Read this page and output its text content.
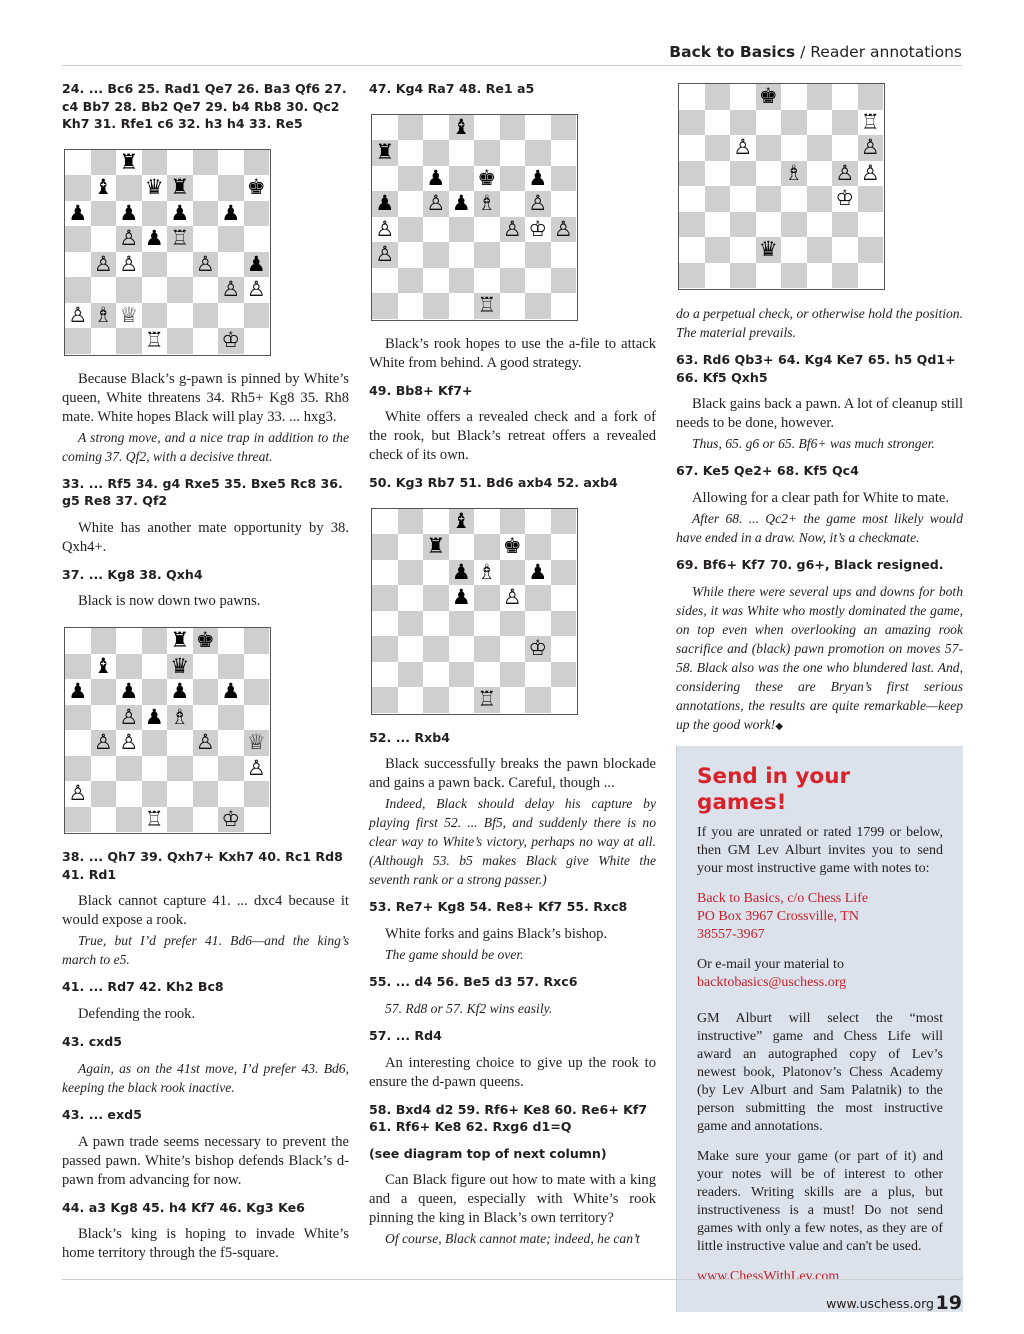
Back to Basics / Reader annotations
24. ... Bc6 25. Rad1 Qe7 26. Ba3 Qf6 27. c4 Bb7 28. Bb2 Qe7 29. b4 Rb8 30. Qc2 Kh7 31. Rfe1 c6 32. h3 h4 33. Re5
♜
♝ ♛ ♜	♚
♟ ♟ ♟ ♟
♙ ♟ ♖
♙ ♙	♙ ♟
♙ ♙
♙ ♗ ♕
♖	♔

Because Black’s g-pawn is pinned by White’s queen, White threatens 34. Rh5+ Kg8 35. Rh8 mate. White hopes Black will play 33. ... hxg3.

A strong move, and a nice trap in addition to the coming 37. Qf2, with a decisive threat.

33. ... Rf5 34. g4 Rxe5 35. Bxe5 Rc8 36. g5 Re8 37. Qf2

White has another mate opportunity by 38. Qxh4+.

37. ... Kg8 38. Qxh4

Black is now down two pawns.

♜ ♚
♝	♛
♟ ♟ ♟ ♟
♙ ♟ ♗
♙ ♙	♙ ♕
♙
♙
♖	♔
38. ... Qh7 39. Qxh7+ Kxh7 40. Rc1 Rd8 41. Rd1

Black cannot capture 41. ... dxc4 because it would expose a rook.

True, but I’d prefer 41. Bd6—and the king’s march to e5.

41. ... Rd7 42. Kh2 Bc8

Defending the rook.

43. cxd5

Again, as on the 41st move, I’d prefer 43. Bd6, keeping the black rook inactive.

43. ... exd5

A pawn trade seems necessary to prevent the passed pawn. White’s bishop defends Black’s d-pawn from advancing for now.

44. a3 Kg8 45. h4 Kf7 46. Kg3 Ke6

Black’s king is hoping to invade White’s home territory through the f5-square.

47. Kg4 Ra7 48. Re1 a5
♝
♜
♟ ♚ ♟
♟ ♙ ♟ ♗ ♙
♙	♙ ♔ ♙
♙
♖

Black’s rook hopes to use the a-file to attack White from behind. A good strategy.

49. Bb8+ Kf7+

White offers a revealed check and a fork of the rook, but Black’s retreat offers a revealed check of its own.

50. Kg3 Rb7 51. Bd6 axb4 52. axb4
♝
♜	♚
♟ ♗ ♟
♟ ♙
♔
♖
52. ... Rxb4

Black successfully breaks the pawn blockade and gains a pawn back. Careful, though ...

Indeed, Black should delay his capture by playing first 52. ... Bf5, and suddenly there is no clear way to White’s victory, perhaps no way at all. (Although 53. b5 makes Black give White the seventh rank or a strong passer.)

53. Re7+ Kg8 54. Re8+ Kf7 55. Rxc8

White forks and gains Black’s bishop.

The game should be over.

55. ... d4 56. Be5 d3 57. Rxc6

57. Rd8 or 57. Kf2 wins easily.

57. ... Rd4

An interesting choice to give up the rook to ensure the d-pawn queens.

58. Bxd4 d2 59. Rf6+ Ke8 60. Re6+ Kf7 61. Rf6+ Ke8 62. Rxg6 d1=Q
(see diagram top of next column)

Can Black figure out how to mate with a king and a queen, especially with White’s rook pinning the king in Black’s own territory?

Of course, Black cannot mate; indeed, he can’t

♚
♖
♙	♙
♗ ♙ ♙
♔
♛

do a perpetual check, or otherwise hold the position. The material prevails.

63. Rd6 Qb3+ 64. Kg4 Ke7 65. h5 Qd1+ 66. Kf5 Qxh5

Black gains back a pawn. A lot of cleanup still needs to be done, however.

Thus, 65. g6 or 65. Bf6+ was much stronger.

67. Ke5 Qe2+ 68. Kf5 Qc4

Allowing for a clear path for White to mate.

After 68. ... Qc2+ the game most likely would have ended in a draw. Now, it’s a checkmate.

69. Bf6+ Kf7 70. g6+, Black resigned.

While there were several ups and downs for both sides, it was White who mostly dominated the game, on top even when overlooking an amazing rook sacrifice and (black) pawn promotion on moves 57-58. Black also was the one who blundered last. And, considering these are Bryan’s first serious annotations, the results are quite remarkable—keep up the good work!◆

Send in your games!

If you are unrated or rated 1799 or below, then GM Lev Alburt invites you to send your most instructive game with notes to:

Back to Basics, c/o Chess Life
PO Box 3967 Crossville, TN
38557-3967

Or e-mail your material to
backtobasics@uschess.org

GM Alburt will select the “most instructive” game and Chess Life will award an autographed copy of Lev’s newest book, Platonov’s Chess Academy (by Lev Alburt and Sam Palatnik) to the person submitting the most instructive game and annotations.

Make sure your game (or part of it) and your notes will be of interest to other readers. Writing skills are a plus, but instructiveness is a must! Do not send games with only a few notes, as they are of little instructive value and can't be used.

www.ChessWithLev.com

www.uschess.org 19
